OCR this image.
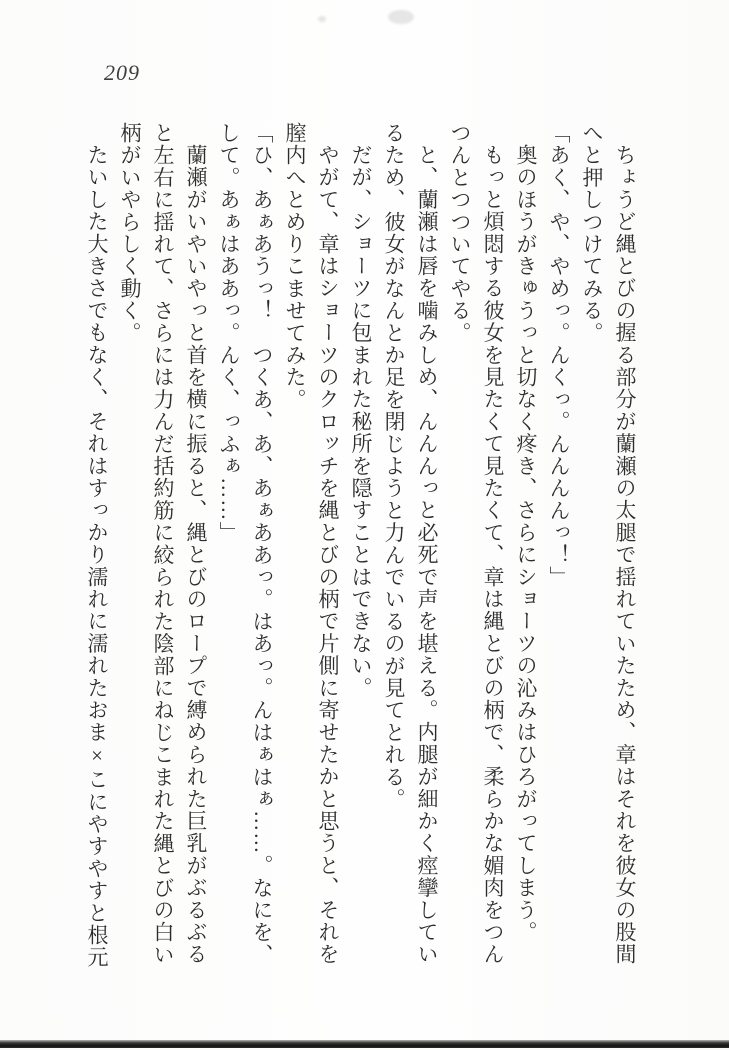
209
ちょうど縄とびの握る部分が蘭瀬の太腿で揺れていたため、章はそれを彼女の股間
へと押しつけてみる。
「あく、や、やめっ。んくっ。んんんんっ！」
奥のほうがきゅうっと切なく疼き、さらにショーツの沁みはひろがってしまう。
もっと煩悶する彼女を見たくて見たくて、章は縄とびの柄で、柔らかな媚肉をつん
つんとつついてやる。
と、蘭瀬は唇を噛みしめ、んんんっと必死で声を堪える。内腿が細かく痙攣してい
るため、彼女がなんとか足を閉じようと力んでいるのが見てとれる。
だが、ショーツに包まれた秘所を隠すことはできない。
やがて、章はショーツのクロッチを縄とびの柄で片側に寄せたかと思うと、それを
膣内へとめりこませてみた。
「ひ、あぁあうっ！　つくあ、あ、あぁああっ。はあっ。んはぁはぁ……。なにを、
して。あぁはああっ。んく、っふぁ……」
蘭瀬がいやいやっと首を横に振ると、縄とびのロープで縛められた巨乳がぶるぶる
と左右に揺れて、さらには力んだ括約筋に絞られた陰部にねじこまれた縄とびの白い
柄がいやらしく動く。
たいした大きさでもなく、それはすっかり濡れに濡れたおま×こにやすやすと根元
